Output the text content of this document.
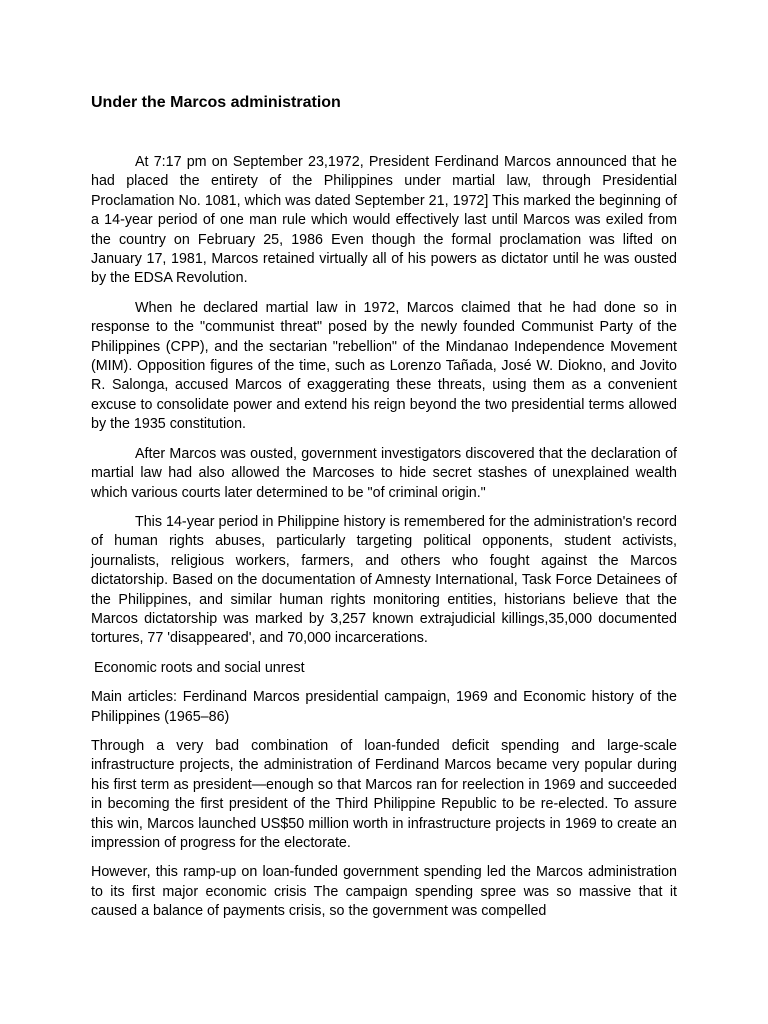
Under the Marcos administration

At 7:17 pm on September 23,1972, President Ferdinand Marcos announced that he had placed the entirety of the Philippines under martial law, through Presidential Proclamation No. 1081, which was dated September 21, 1972] This marked the beginning of a 14-year period of one man rule which would effectively last until Marcos was exiled from the country on February 25, 1986 Even though the formal proclamation was lifted on January 17, 1981, Marcos retained virtually all of his powers as dictator until he was ousted by the EDSA Revolution.

When he declared martial law in 1972, Marcos claimed that he had done so in response to the "communist threat" posed by the newly founded Communist Party of the Philippines (CPP), and the sectarian "rebellion" of the Mindanao Independence Movement (MIM). Opposition figures of the time, such as Lorenzo Tañada, José W. Diokno, and Jovito R. Salonga, accused Marcos of exaggerating these threats, using them as a convenient excuse to consolidate power and extend his reign beyond the two presidential terms allowed by the 1935 constitution.

After Marcos was ousted, government investigators discovered that the declaration of martial law had also allowed the Marcoses to hide secret stashes of unexplained wealth which various courts later determined to be "of criminal origin."

This 14-year period in Philippine history is remembered for the administration's record of human rights abuses, particularly targeting political opponents, student activists, journalists, religious workers, farmers, and others who fought against the Marcos dictatorship. Based on the documentation of Amnesty International, Task Force Detainees of the Philippines, and similar human rights monitoring entities, historians believe that the Marcos dictatorship was marked by 3,257 known extrajudicial killings,35,000 documented tortures, 77 'disappeared', and 70,000 incarcerations.

Economic roots and social unrest

Main articles: Ferdinand Marcos presidential campaign, 1969 and Economic history of the Philippines (1965–86)

Through a very bad combination of loan-funded deficit spending and large-scale infrastructure projects, the administration of Ferdinand Marcos became very popular during his first term as president—enough so that Marcos ran for reelection in 1969 and succeeded in becoming the first president of the Third Philippine Republic to be re-elected. To assure this win, Marcos launched US$50 million worth in infrastructure projects in 1969 to create an impression of progress for the electorate.

However, this ramp-up on loan-funded government spending led the Marcos administration to its first major economic crisis The campaign spending spree was so massive that it caused a balance of payments crisis, so the government was compelled
